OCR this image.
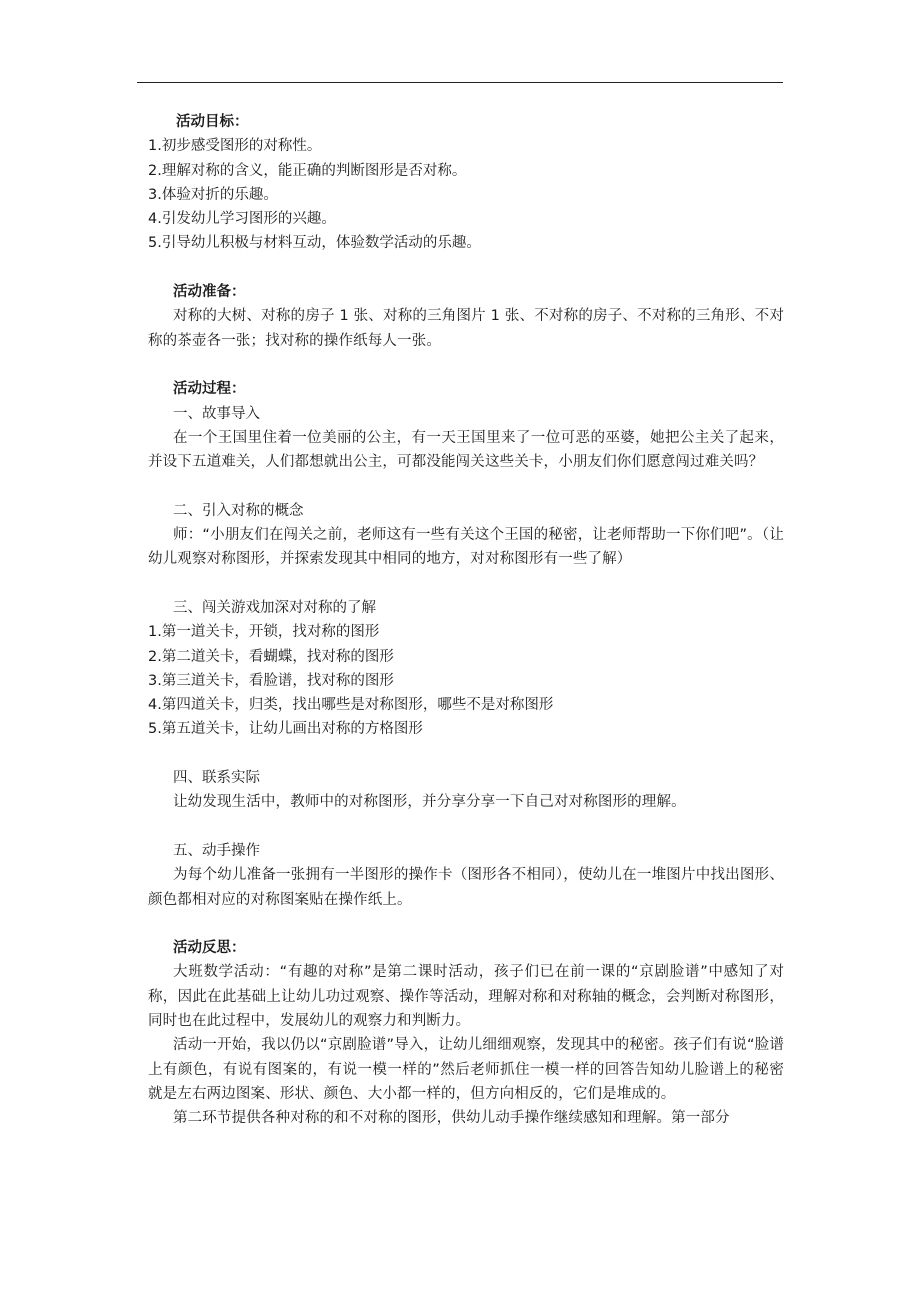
活动目标：

1.初步感受图形的对称性。

2.理解对称的含义，能正确的判断图形是否对称。

3.体验对折的乐趣。

4.引发幼儿学习图形的兴趣。

5.引导幼儿积极与材料互动，体验数学活动的乐趣。

活动准备：

对称的大树、对称的房子 1 张、对称的三角图片 1 张、不对称的房子、不对称的三角形、不对称的茶壶各一张；找对称的操作纸每人一张。

活动过程：

一、故事导入

在一个王国里住着一位美丽的公主，有一天王国里来了一位可恶的巫婆，她把公主关了起来，并设下五道难关，人们都想就出公主，可都没能闯关这些关卡，小朋友们你们愿意闯过难关吗？

二、引入对称的概念

师：“小朋友们在闯关之前，老师这有一些有关这个王国的秘密，让老师帮助一下你们吧”。（让幼儿观察对称图形，并探索发现其中相同的地方，对对称图形有一些了解）

三、闯关游戏加深对对称的了解

1.第一道关卡，开锁，找对称的图形

2.第二道关卡，看蝴蝶，找对称的图形

3.第三道关卡，看脸谱，找对称的图形

4.第四道关卡，归类，找出哪些是对称图形，哪些不是对称图形

5.第五道关卡，让幼儿画出对称的方格图形

四、联系实际

让幼发现生活中，教师中的对称图形，并分享分享一下自己对对称图形的理解。

五、动手操作

为每个幼儿准备一张拥有一半图形的操作卡（图形各不相同），使幼儿在一堆图片中找出图形、颜色都相对应的对称图案贴在操作纸上。

活动反思：

大班数学活动：“有趣的对称”是第二课时活动，孩子们已在前一课的“京剧脸谱”中感知了对称，因此在此基础上让幼儿功过观察、操作等活动，理解对称和对称轴的概念，会判断对称图形，同时也在此过程中，发展幼儿的观察力和判断力。

活动一开始，我以仍以“京剧脸谱”导入，让幼儿细细观察，发现其中的秘密。孩子们有说“脸谱上有颜色，有说有图案的，有说一模一样的”然后老师抓住一模一样的回答告知幼儿脸谱上的秘密就是左右两边图案、形状、颜色、大小都一样的，但方向相反的，它们是堆成的。

第二环节提供各种对称的和不对称的图形，供幼儿动手操作继续感知和理解。第一部分
